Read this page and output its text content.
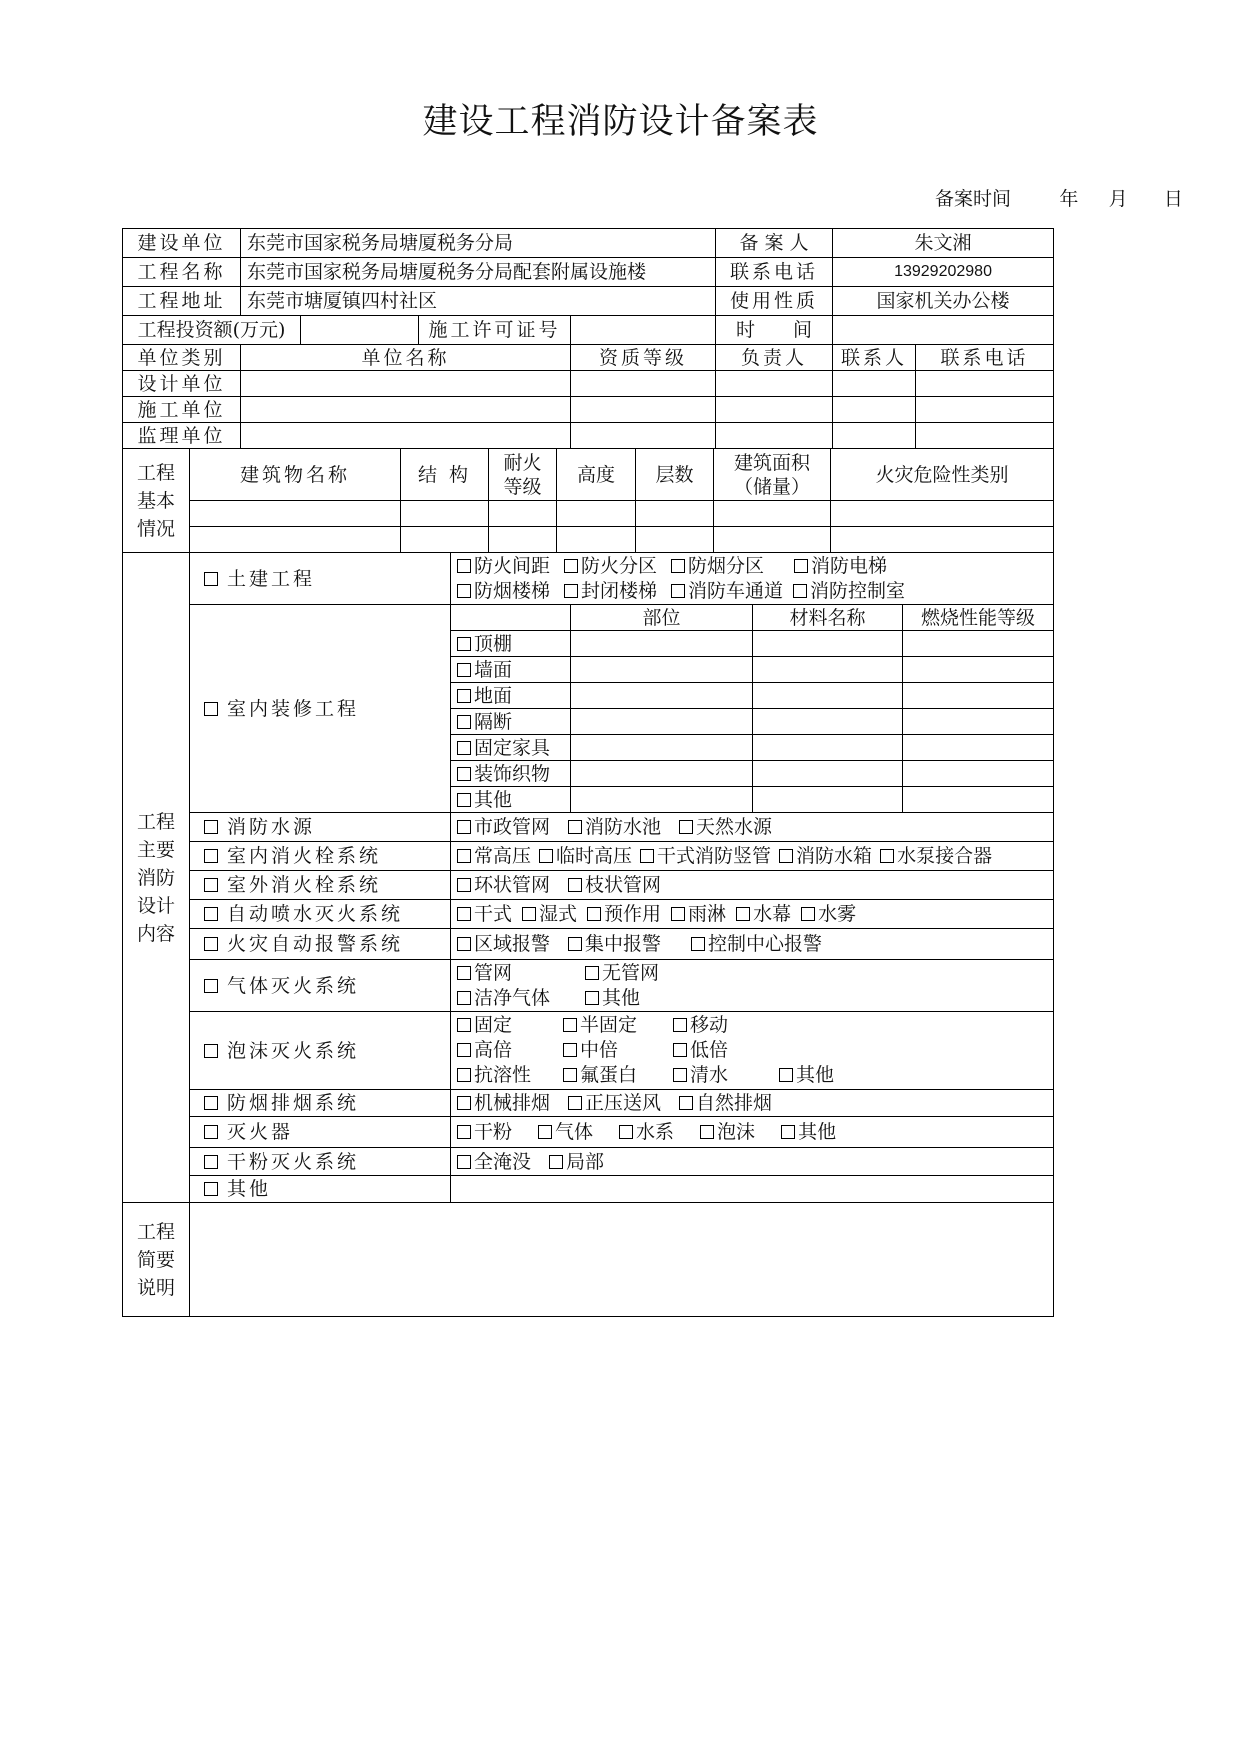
建设工程消防设计备案表
备案时间	年 月 日
建设单位	东莞市国家税务局塘厦税务分局				备 案 人	朱文湘	
工程名称	东莞市国家税务局塘厦税务分局配套附属设施楼				联系电话	13929202980	
工程地址	东莞市塘厦镇四村社区				使用性质	国家机关办公楼	
工程投资额(万元)			施工许可证号		时　　间		
单位类别	单位名称			资质等级	负责人	联系人	联系电话
设计单位							
施工单位							
监理单位							
工程基本情况	建筑物名称	结 构	耐火等级	高度	层数	建筑面积（储量）	火灾危险性类别

工程主要消防设计内容	土建工程	防火间距 防火分区 防烟分区 消防电梯
防烟楼梯 封闭楼梯 消防车通道 消防控制室			

	室内装修工程		部位	材料名称	燃烧性能等级
		顶棚			
		墙面			
		地面			
		隔断			
		固定家具			
		装饰织物			
		其他			
	消防水源	市政管网 消防水池 天然水源			
	室内消火栓系统	常高压 临时高压 干式消防竖管 消防水箱 水泵接合器			
	室外消火栓系统	环状管网 枝状管网			
	自动喷水灭火系统	干式 湿式 预作用 雨淋 水幕 水雾			
	火灾自动报警系统	区域报警 集中报警 控制中心报警			
	气体灭火系统	管网 无管网
洁净气体 其他			

	泡沫灭火系统	固定 半固定 移动
高倍 中倍 低倍
抗溶性 氟蛋白 清水 其他			

	防烟排烟系统	机械排烟 正压送风 自然排烟			
	灭火器	干粉 气体 水系 泡沫 其他			
	干粉灭火系统	全淹没 局部			
	其他				
工程简要说明					
